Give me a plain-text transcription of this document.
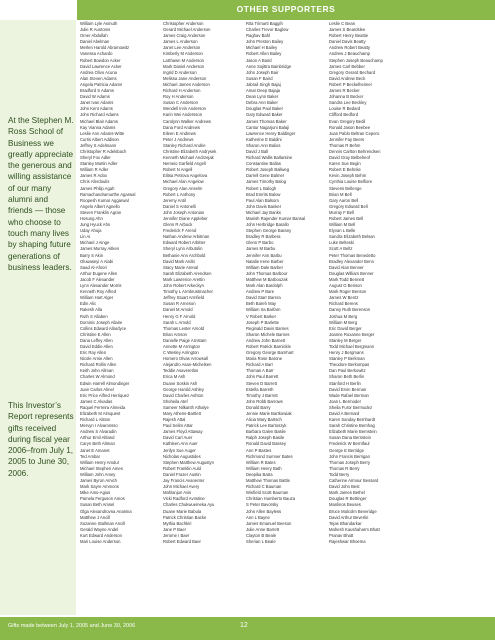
OTHER SUPPORTERS
At the Stephen M. Ross School of Business we greatly appreciate the generous and willing assistance of our many alumni and friends — those who choose to touch many lives by shaping future generations of business leaders.
This Investor’s Report represents gifts received during fiscal year 2006–from July 1, 2005 to June 30, 2006.
William Lyle Asmuth
Julie R Auntoms
Omer Abdullah
Daniel Abelman
Merlen Harold Abramowitz
Vanessa Achardo
Robert Bowdon Acker
David Lawrence Acker
Andrea Olivo Acuna
Alan Steven Adams
Angela Patricia Adams
Bradford S Adams
David W Adams
Janet Ivan Adams
John Kent Adams
John Richard Adams
Michael Blair Adams
Kay Vianna Adams
Leslie Ann Adams-Witte
Curtis Albert Addison
Jeffrey S Adelmann
Christopher R Adelsbach
Sheryl Fox Adler
Stanley Martin Adler
William R Adler
James R Adox
Chris Aferdoulis
James Philip Agah
Ramachandramurthe Agarwal
Roopesh Kumar Aggarwal
Angelo Albert Agnello
Steven Franklin Agran
Hosung Ahn
Jung Hyuck Ahn
Uday Ahuja
Lin Ai
Michael J Ainge
James Murray Aitken
Barry S Akin
Oluwaseyi A Alabi
Saad Al-Afoori
Arthur Eugene Allen
Jacob F Alexander
Lynn Alexander Morris
Kenneth Roy Alfred
William Hart Alger
Edin Alic
Rakesh Alla
Ruth S Allaben
Dominic Joseph Allaire
Collins Edward Allardyce
Christine E Allen
Dana Leffey Allen
David Eddie Allen
Eric Ray Allen
Nicole Arnie Allen
Richard Rollin Allen
Keith John Allman
Charles W Almond
Edwin Harrell Almondinger
Juan Carlos Almel
Eric Price Alfred Herriquez
James C Alvadas
Raquel Ferreira Almeida
Elizabeth M Almquest
Richard L Alston
Mervyn I Alvaronsso
Andrew S Alvaradin
Arthur Emil Altland
Caryn Beth Altman
Janet E Amanet
Ted Ambar
William Henry Amdur
Michael Stephen Ames
William John Amey
James Byron Amich
Mark Sayre Ammons
Mike Amo-Agius
Pamela Ferguson Amos
Susan Beth Amsel
Olga Alexandrovna Ananina
Matthew J Ancill
Suzanne Stallman Ancill
Gerald Wayne Andel
Kurt Edward Anderson
Mari Louise Anderson
Christopher Anderson
Gerard Michael Anderson
James Craig Anderson
James L Anderson
Janet Lee Anderson
Kimberly M Anderson
LaShawn M Anderson
Mark Daniel Anderson
Ingrid D Anderson
Melissa Jane Anderson
Michael James Anderson
Richard H Anderson
Roy H Anderson
Susan C Anderson
Wendell Irvin Anderson
Karin Wei Andersson
Carolynn Walker Andrews
Dana Ford Andrews
Eileen E Andrews
Peter J Andrews
Stanley Richard Andrie
Christine Elizabeth Andrysek
Kenneth Michael Andrzejak
Nemeio Garfield Angell
Robert N Angell
Elitsa Petrova Angelova
Michael Alan Angelow
Gregory Alan Anselm
Robert L Anthony
Jeremy Antil
Daniel S Antonelli
John Joseph Antonian
Jennifer Diane Appleber
Glenn R Arbuck
Frederick F Arend
Nathan Andrew Arbitman
Edward Robert Arbitter
Sheryl Lynn Arbutolin
Bethanie Ann Archbold
David Mark Arditi
Stacy Marie Arenal
Sarah Elizabeth Arendsen
Mark Lawrence Arettin
John Robert Arkeckyn
Timothy L Armbrustmacher
Jeffrey Stuart Armfield
Susan R Arneson
Daniel M Arnold
Henry G F Arnold
Sarah L Arnold
Thomas Lester Arnold
Brian Arnson
Danielle Paige Arnstam
Annette M Arrington
C Wesley Arrington
Homero Olvas Arrowsall
Alejandro Asan-Michelsen
Teddie Asaveretlos
Erica M Ash
Duane Soskin Ash
George Harold Ashley
David Charles Ashton
Shoheila Atef
Sameer Nilkanth Athalye
Mary Athens-Bartlett
Rajesh Attal
Paul Selim Attar
James Floyd Attaway
David Carl Auer
Kathleen Ann Auer
Jerilyn Sue Auger
Nicholas Augustides
Stephen Matthew Augustyn
Robert Franklin Auld
Daniel Frazer Austin
Jay Francis Avanenter
John Michael Avery
Mahlanjun Avis
Vicki Radford Avnstine
Charles Chukwuemeka Ayu
Duane Marie Babula
Patrick Christian Backe
Mythia Bachkiri
Jane P Baer
Jerome I Baer
Robert Edward Baer
Rita Trimarti Baggih
Charles Trevor Baglow
Raghav Bahl
John Preston Bailey
Michael H Bailey
Robert Allen Bailey
Jason A Baird
Anne Sujittra Bainbridge
John Joseph Bair
Susan F Baird
Jabrail Singh Bajaj
Amar Deep Bajaja
Dean Lynn Baker
Debra Ann Baker
Douglas Paul Baker
Gary Edward Baker
James Thomas Baker
Cantur Nagarjuni Balaji
Lawrence Henry Baldinger
Katherine E Baldini
Sharon Ann Balios
David J Ball
Richard Wallis Ballantine
Constantine Ballas
Robert Joseph Ballweg
Darrell Gene Balmer
James Timothy Balog
Robert L Balogh
Brad Emrits Balow
Paul Alan Balsom
John Davis Banker
Michael Jay Banks
Manish Rajender Kumar Bansal
John Herbridge Barallo
Stephen George Barany
Bradley R Barbera
Glenn P Barbo
James M Barbu
Jennifer Ann Barbu
Natalie Irene Barber
William Dale Barber
John Thomas Barbour
Matthew M Barbouzak
Mark Alan Bardolph
Andrew P Bare
David Starr Barera
Beth Bareh May
William Ira Barfarn
V Robert Barker
Joseph P Barlette
Reginald Davis Barnes
Sharon Michele Barnes
Andrew John Barnett
Robert Patrick Barnickle
Gregory George Barnhart
Maria Rose Barone
Richard A Barr
Thomas A Barr
John Paul Barrett
Steven D Barrett
Estella Barreth
Timothy J Barrett
John Robb Barrows
Donald Barry
Jennie Marie Bartkowiak
Alicia Mary Bartsch
Patrick Lee Bartoszyk
Barbara Galen Basile
Ralph Joseph Basile
Ronald David Bassey
Ann P Bastes
Richmond Sumner Bates
William R Bates
William Henry Bath
Deepika Batra
Matthew Thomas Battle
Richard C Bauman
Winfield Scott Bauman
Christian Humberto Bauza
S Peter Bavorsky
John Allen Bayless
Ann L Bayne
James Emanuel Beeson
Julie Anne Barrett
Clayton B Beale
Sherian L Beale
Leslie C Bean
James S Beardslee
Robert Henry Beattie
Daniel Davis Beatty
Andrew Robert Beatty
Andrew J Beauchamp
Stephen Joseph Beauchamp
James Carl Bebber
Gregory Gerard Bechard
David Andrew Beck
Robert P Beckelheimer
James R Becker
Johanna B Becker
Sandra Lee Beckley
Louise R Bedard
Clifford Bedford
Evan Gregory Bedil
Ronald Jason Beebee
Juan Pablo Beltran Cepero
Jennifer Fay Beers
Thomas R Behm
Dennis Carlton Behrendsen
David Gray Belbeheof
Karen Sue Begin
Robert E Behnke
Kevin Joseph Behm
Cynthia Louise Belfiore
Stevens Bellenge
Brian M Bell
Gary Aaron Bell
Gregory Edward Bell
Murray F Bell
Robert James Bell
William M Bell
Elyvan L Belle
Sandra Elizabeth Belsan
Luke Belteski
Scott A Beltz
Peter Thomas Benedetto
Bradley Alexander Benn
David Alan Benner
Douglas William Benner
Mark Todd Bennett
August G Benson
Mark Roger Benson
James W Bentz
Richard Berens
Danny Ruth Berenson
Joshua M Berg
William M Berg
Eric David Berger
Joanne Roxanne Berger
Stanley M Berger
Todd Michael Bergmann
Henry J Bergmans
Stanley P Berkman
Theodore Berkompas
Dan Paul Berkowitz
Sharon Beth Berlin
Stanford H Berlin
David Ervin Berman
Wade Rafael Berman
Joan L Bermoder
Sheila Furor Bermudez
David A Bernard
Karen Sanday Bernhardt
Sarah Christine Bernhag
Elizabeth Marie Bernstein
Susan Dana Bernstein
Frederick W Berntfaul
George E Berridge
John Francis Berrigan
Thomas Joseph Berry
Thomas R Berry
Todd Berry
Catherine Armour Bessard
David John Best
Mark James Bethel
Douglas R Bettinger
Manlinos Beuses
Bruce Malcolm Beveridge
David Arthur Beverlin
Tejas Bhandarkar
Mahesh Kaushaharm Bhatt
Pranav Bhatt
Rajeshwar Bhoema
Gifts made between July 1, 2005 and June 30, 2006	12
